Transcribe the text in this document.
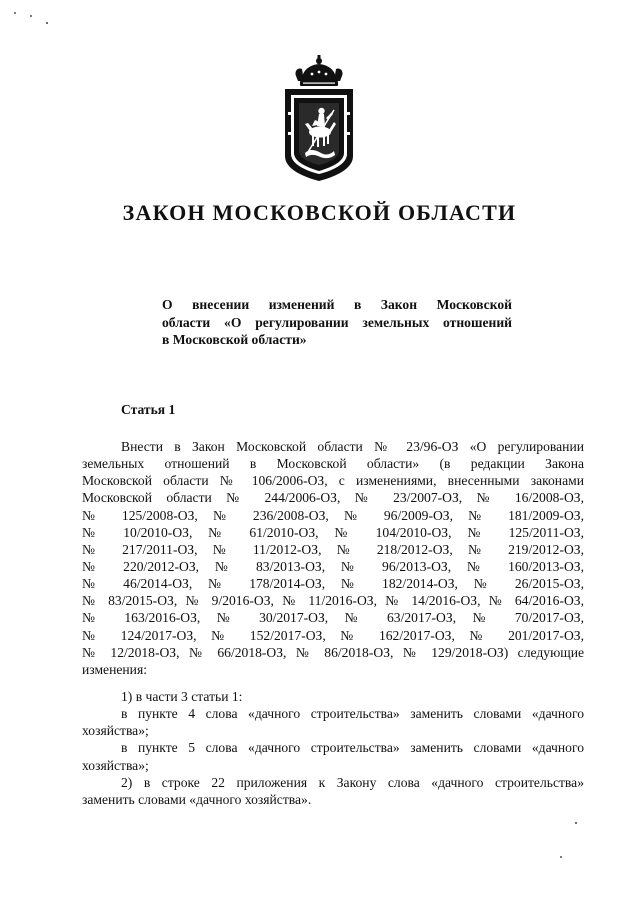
ЗАКОН МОСКОВСКОЙ ОБЛАСТИ
О внесении изменений в Закон Московской
области «О регулировании земельных отношений
в Московской области»
Статья 1
Внести в Закон Московской области № 23/96-ОЗ «О регулировании
земельных отношений в Московской области» (в редакции Закона
Московской области № 106/2006-ОЗ, с изменениями, внесенными законами
Московской области № 244/2006-ОЗ, № 23/2007-ОЗ, № 16/2008-ОЗ,
№ 125/2008-ОЗ, № 236/2008-ОЗ, № 96/2009-ОЗ, № 181/2009-ОЗ,
№ 10/2010-ОЗ, № 61/2010-ОЗ, № 104/2010-ОЗ, № 125/2011-ОЗ,
№ 217/2011-ОЗ, № 11/2012-ОЗ, № 218/2012-ОЗ, № 219/2012-ОЗ,
№ 220/2012-ОЗ, № 83/2013-ОЗ, № 96/2013-ОЗ, № 160/2013-ОЗ,
№ 46/2014-ОЗ, № 178/2014-ОЗ, № 182/2014-ОЗ, № 26/2015-ОЗ,
№ 83/2015-ОЗ, № 9/2016-ОЗ, № 11/2016-ОЗ, № 14/2016-ОЗ, № 64/2016-ОЗ,
№ 163/2016-ОЗ, № 30/2017-ОЗ, № 63/2017-ОЗ, № 70/2017-ОЗ,
№ 124/2017-ОЗ, № 152/2017-ОЗ, № 162/2017-ОЗ, № 201/2017-ОЗ,
№ 12/2018-ОЗ, № 66/2018-ОЗ, № 86/2018-ОЗ, № 129/2018-ОЗ) следующие
изменения:
1) в части 3 статьи 1:
в пункте 4 слова «дачного строительства» заменить словами «дачного
хозяйства»;
в пункте 5 слова «дачного строительства» заменить словами «дачного
хозяйства»;
2) в строке 22 приложения к Закону слова «дачного строительства»
заменить словами «дачного хозяйства».
